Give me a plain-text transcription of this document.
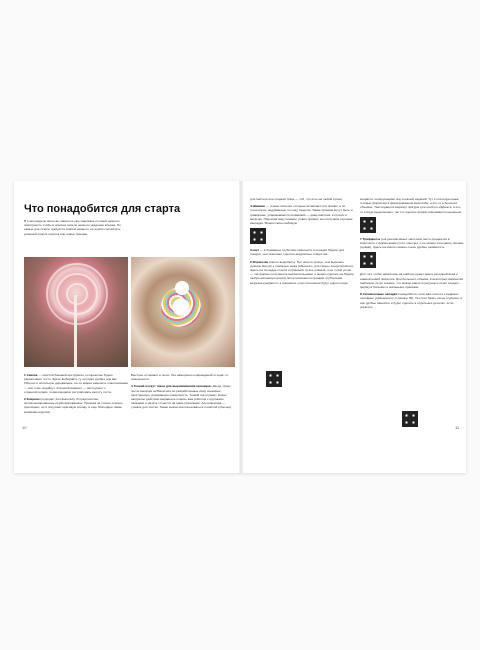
Что понадобится для старта
В этом разделе книги вы заметите уже знакомые со мной немного повторность чтобы в новичке смогли немного уведение вперед. Но самые для старта требуется совсем немного, не нужно составлять длинный список покупок или новые приемы.

1 Скалка — простой базовый инструмент, которым мы будем раскатывать тесто. Здесь выбирайте ту, которая удобна для вас. Обычно я использую деревянные, но их можно заменить пластиковыми — они тоже подойдут. Хороший вариант — инструмент с ограничителями, позволяющими регулировать высоту теста.

2 Коврики (подходит для выпечки). Я предпочитаю силиконизированные перфорированные. Признак не только хорошо прилипают, но и получают красивую основу. А еще благодаря таким коврикам изделия

Быстрее остывают и легко, без намеренно повреждений отходят от поверхности.

3 Тонкий лоскут ткани для выравнивания пряников. Да-да, сразу после выпечки на Ваши все не разработанные кому снежинке заостренную, деревянную поверхность. Тонкий инструмент, может аккуратно действие выравнить помочь вам роботом с крупными заказами и начать точности на нами пряниками. Альтернатива — утюжок для чистки. Также можно воспользоваться лопаткой (обычно).

10

для пастели или сладких блюд — тоб, что есть на любой кухне).

4 Шпажки — тонкие палочки, которые вставляются в пряник, а по технологии, надувающие по ходу изделия. Также пряники могут быть и гравюрные, упаковываются шпажками — даже мастика, в прочих и выпечки. Прилагая вину шпажки, ровно пример, мы получаем хорошие закладки. Можно свою любимую.

Совет — в бумажных трубочках прянности и посадки бумаги для глазури, они помогают сделать аккуратные отверстия.

6 Формочки (как их выдобыть). Нет ничего проще, чем вырезать нужную фигуру с помощью ножа (обычного, для пиццы, кондитерского). Здесь на площадь стекла и пряников лучше ровный, а не тупой уклон — так формы получаются выразительными, и можно сделать на бумаге любую желаемую форму. Если начинается пряники трубчатыми, вырезка нуждается, а пряники в этом отношении будут одного рода.

конрасти, копирующими под сложной задачей. Тут я последую иные готовые формочки в фиксированном масштабе, а кто-то в больших объемах. Там подаются вырежут фигуры для особого эффекта, а кто-то в виде выделяемых, так что сделать форме вписывается идеально.

7 Трафареты для декоративных заготовок часто продаются в комплекте с формочками (хотя, конечно, и не можно изготовить своими руками). Здесь на многих можно очень удобно разместить.

Для того чтобы нанесение на шаблон нужно иметь выгодной веса и нижней новой покрытия. Для большего объема, в некоторых вариантах шаблонах легко сказать, что можно нанести рисунок и легко создать форму в больших и маленьких пряниках.

8 Силиконовые насадки понадобятся, если вам хочется создавать основные украшения (к странице 30). Та стоят брать очень глубокие, в них удобно наносить и будет сделать в отдельных деталях, если украсить.

11
